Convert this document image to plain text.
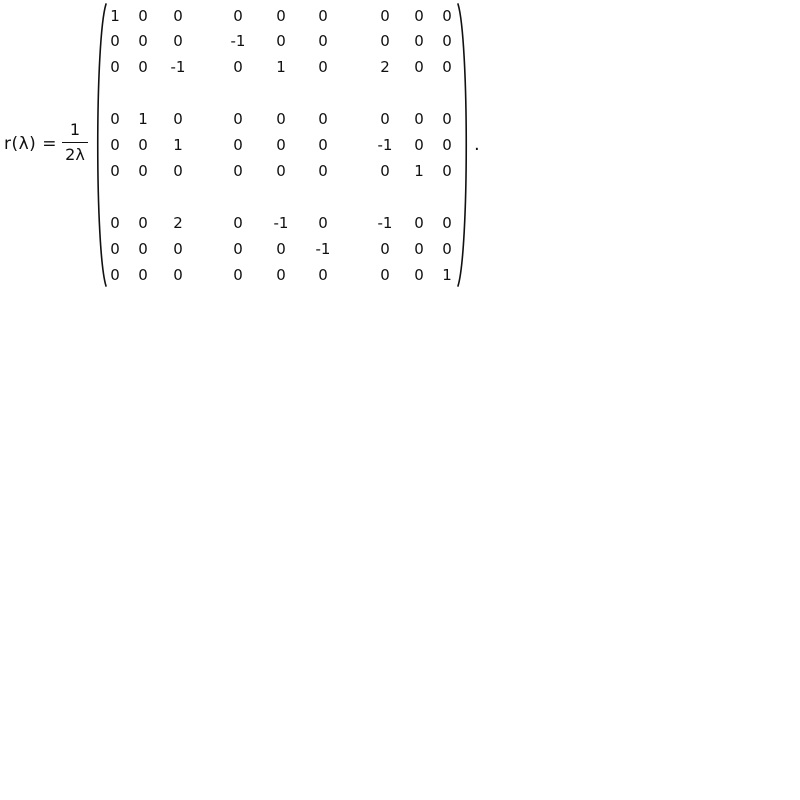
r(λ) =
1
2λ
1	0	0	0	0	0	0	0	0
0	0	0	-1	0	0	0	0	0
0	0	-1	0	1	0	2	0	0
0	1	0	0	0	0	0	0	0
0	0	1	0	0	0	-1	0	0
0	0	0	0	0	0	0	1	0
0	0	2	0	-1	0	-1	0	0
0	0	0	0	0	-1	0	0	0
0	0	0	0	0	0	0	0	1
.
